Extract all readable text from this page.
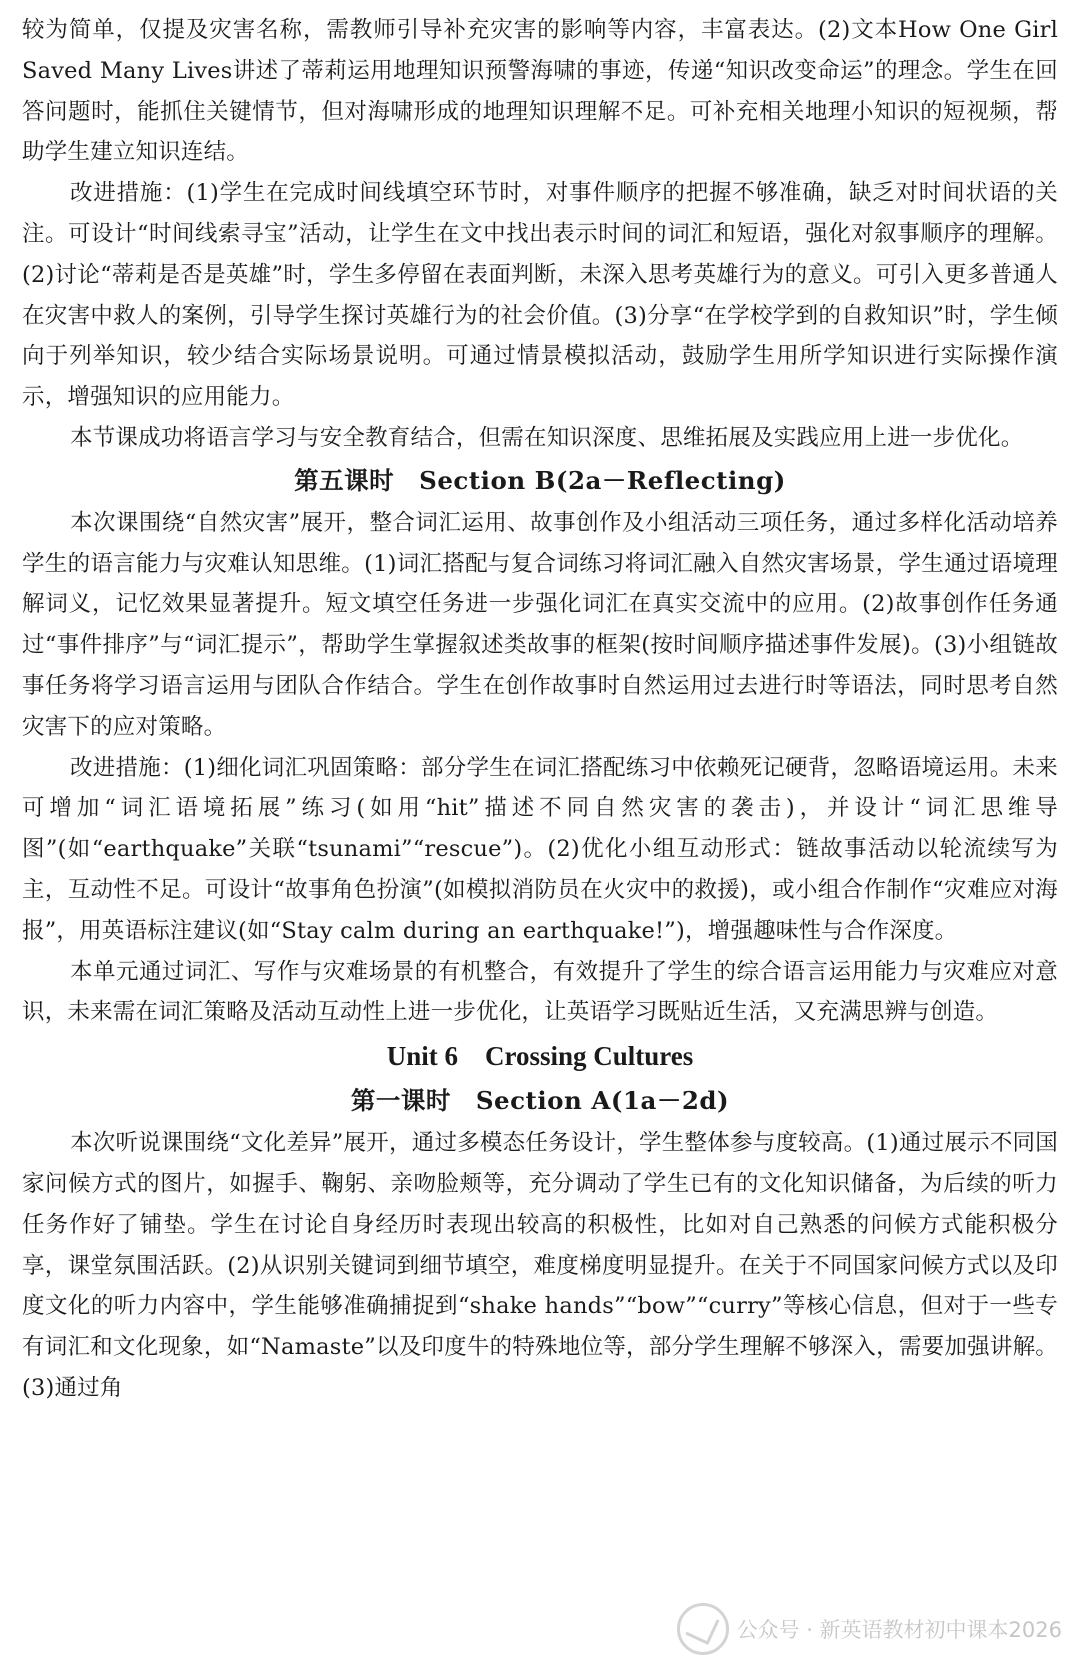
较为简单，仅提及灾害名称，需教师引导补充灾害的影响等内容，丰富表达。(2)文本How One Girl Saved Many Lives讲述了蒂莉运用地理知识预警海啸的事迹，传递“知识改变命运”的理念。学生在回答问题时，能抓住关键情节，但对海啸形成的地理知识理解不足。可补充相关地理小知识的短视频，帮助学生建立知识连结。

改进措施：(1)学生在完成时间线填空环节时，对事件顺序的把握不够准确，缺乏对时间状语的关注。可设计“时间线索寻宝”活动，让学生在文中找出表示时间的词汇和短语，强化对叙事顺序的理解。(2)讨论“蒂莉是否是英雄”时，学生多停留在表面判断，未深入思考英雄行为的意义。可引入更多普通人在灾害中救人的案例，引导学生探讨英雄行为的社会价值。(3)分享“在学校学到的自救知识”时，学生倾向于列举知识，较少结合实际场景说明。可通过情景模拟活动，鼓励学生用所学知识进行实际操作演示，增强知识的应用能力。

本节课成功将语言学习与安全教育结合，但需在知识深度、思维拓展及实践应用上进一步优化。

第五课时　Section B(2a－Reflecting)

本次课围绕“自然灾害”展开，整合词汇运用、故事创作及小组活动三项任务，通过多样化活动培养学生的语言能力与灾难认知思维。(1)词汇搭配与复合词练习将词汇融入自然灾害场景，学生通过语境理解词义，记忆效果显著提升。短文填空任务进一步强化词汇在真实交流中的应用。(2)故事创作任务通过“事件排序”与“词汇提示”，帮助学生掌握叙述类故事的框架(按时间顺序描述事件发展)。(3)小组链故事任务将学习语言运用与团队合作结合。学生在创作故事时自然运用过去进行时等语法，同时思考自然灾害下的应对策略。

改进措施：(1)细化词汇巩固策略：部分学生在词汇搭配练习中依赖死记硬背，忽略语境运用。未来可增加“词汇语境拓展”练习(如用“hit”描述不同自然灾害的袭击)，并设计“词汇思维导图”(如“earthquake”关联“tsunami”“rescue”)。(2)优化小组互动形式：链故事活动以轮流续写为主，互动性不足。可设计“故事角色扮演”(如模拟消防员在火灾中的救援)，或小组合作制作“灾难应对海报”，用英语标注建议(如“Stay calm during an earthquake!”)，增强趣味性与合作深度。

本单元通过词汇、写作与灾难场景的有机整合，有效提升了学生的综合语言运用能力与灾难应对意识，未来需在词汇策略及活动互动性上进一步优化，让英语学习既贴近生活，又充满思辨与创造。

Unit 6　Crossing Cultures
第一课时　Section A(1a－2d)

本次听说课围绕“文化差异”展开，通过多模态任务设计，学生整体参与度较高。(1)通过展示不同国家问候方式的图片，如握手、鞠躬、亲吻脸颊等，充分调动了学生已有的文化知识储备，为后续的听力任务作好了铺垫。学生在讨论自身经历时表现出较高的积极性，比如对自己熟悉的问候方式能积极分享，课堂氛围活跃。(2)从识别关键词到细节填空，难度梯度明显提升。在关于不同国家问候方式以及印度文化的听力内容中，学生能够准确捕捉到“shake hands”“bow”“curry”等核心信息，但对于一些专有词汇和文化现象，如“Namaste”以及印度牛的特殊地位等，部分学生理解不够深入，需要加强讲解。(3)通过角

公众号 · 新英语教材初中课本2026
